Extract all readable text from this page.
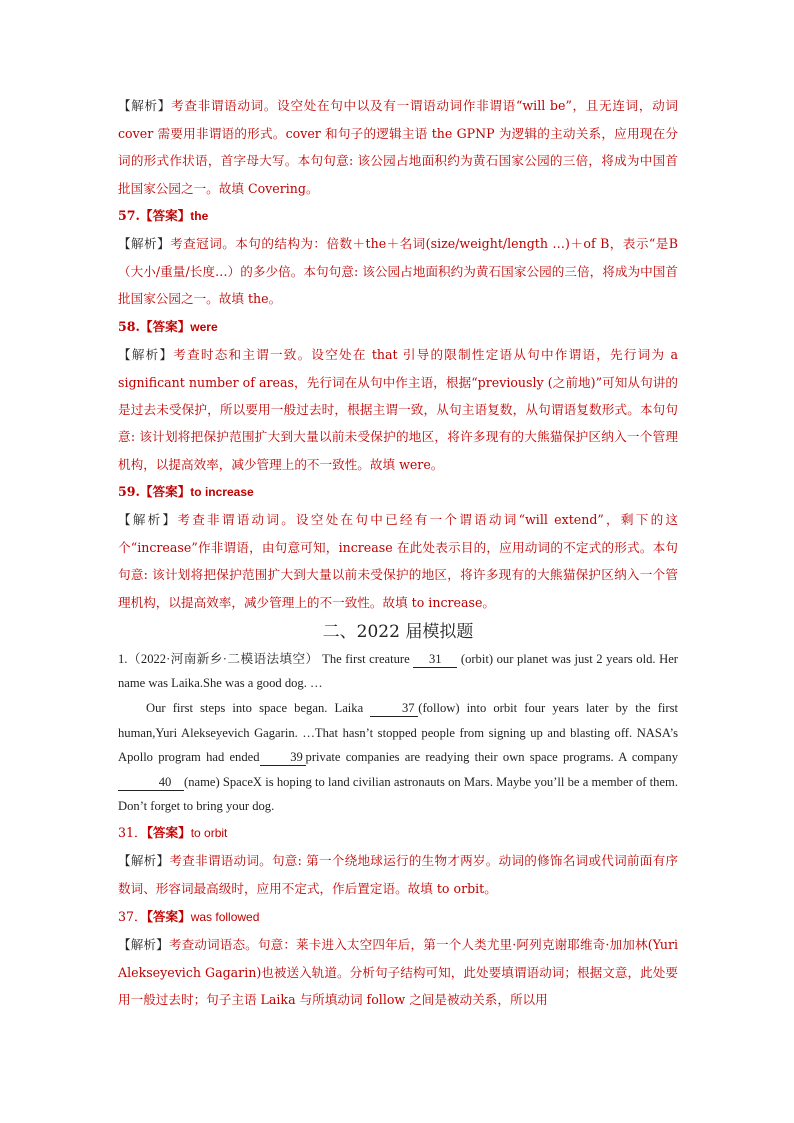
【解析】考查非谓语动词。设空处在句中以及有一谓语动词作非谓语“will be”，且无连词，动词 cover 需要用非谓语的形式。cover 和句子的逻辑主语 the GPNP 为逻辑的主动关系，应用现在分词的形式作状语，首字母大写。本句句意: 该公园占地面积约为黄石国家公园的三倍，将成为中国首批国家公园之一。故填 Covering。

57.【答案】the

【解析】考查冠词。本句的结构为：倍数＋the＋名词(size/weight/length …)＋of B，表示“是B（大小/重量/长度…）的多少倍。本句句意: 该公园占地面积约为黄石国家公园的三倍，将成为中国首批国家公园之一。故填 the。

58.【答案】were

【解析】考查时态和主谓一致。设空处在 that 引导的限制性定语从句中作谓语，先行词为 a significant number of areas，先行词在从句中作主语，根据“previously (之前地)”可知从句讲的是过去未受保护，所以要用一般过去时，根据主谓一致，从句主语复数，从句谓语复数形式。本句句意: 该计划将把保护范围扩大到大量以前未受保护的地区，将许多现有的大熊猫保护区纳入一个管理机构，以提高效率，减少管理上的不一致性。故填 were。

59.【答案】to increase

【解析】考查非谓语动词。设空处在句中已经有一个谓语动词“will extend”，剩下的这个“increase”作非谓语，由句意可知，increase 在此处表示目的，应用动词的不定式的形式。本句句意: 该计划将把保护范围扩大到大量以前未受保护的地区，将许多现有的大熊猫保护区纳入一个管理机构，以提高效率，减少管理上的不一致性。故填 to increase。

二、2022 届模拟题

1.（2022·河南新乡·二模语法填空） The first creature 31 (orbit) our planet was just 2 years old. Her name was Laika.She was a good dog. …

Our first steps into space began. Laika	37 (follow) into orbit four years later by the first human,Yuri Alekseyevich Gagarin. …That hasn’t stopped people from signing up and blasting off. NASA’s Apollo program had ended 39 private companies are readying their own space programs. A company40 (name) SpaceX is hoping to land civilian astronauts on Mars. Maybe you’ll be a member of them. Don’t forget to bring your dog.

31．【答案】to orbit

【解析】考查非谓语动词。句意: 第一个绕地球运行的生物才两岁。动词的修饰名词或代词前面有序数词、形容词最高级时，应用不定式，作后置定语。故填 to orbit。

37．【答案】was followed

【解析】考查动词语态。句意：莱卡进入太空四年后，第一个人类尤里·阿列克谢耶维奇·加加林(Yuri Alekseyevich Gagarin)也被送入轨道。分析句子结构可知，此处要填谓语动词；根据文意，此处要用一般过去时；句子主语 Laika 与所填动词 follow 之间是被动关系，所以用
